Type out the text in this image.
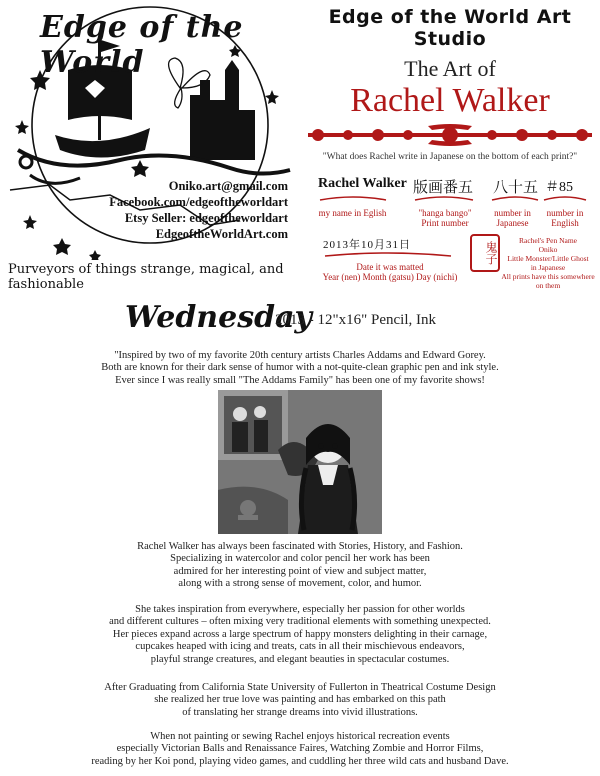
Edge of the World
Oniko.art@gmail.com
Facebook.com/edgeoftheworldart
Etsy Seller: edgeoftheworldart
EdgeoftheWorldArt.com
Purveyors of things strange, magical, and fashionable
Edge of the World Art Studio
The Art of
Rachel Walker
"What does Rachel write in Japanese on the bottom of each print?"
Rachel Walker
my name in Eglish
版画番五
"hanga bango"
Print number
八十五
number in
Japanese
＃85
number in
English
2013年10月31日
Date it was matted
Year (nen) Month (gatsu) Day (nichi)
鬼子
Rachel's Pen Name
Oniko
Little Monster/Little Ghost
in Japanese
All prints have this somewhere on them
Wednesday
2013 - 12"x16" Pencil, Ink
"Inspired by two of my favorite 20th century artists Charles Addams and Edward Gorey.
Both are known for their dark sense of humor with a not-quite-clean graphic pen and ink style.
Ever since I was really small "The Addams Family" has been one of my favorite shows!
Rachel Walker has always been fascinated with Stories, History, and Fashion.
Specializing in watercolor and color pencil her work has been
admired for her interesting point of view and subject matter,
along with a strong sense of movement, color, and humor.
She takes inspiration from everywhere, especially her passion for other worlds
and different cultures – often mixing very traditional elements with something unexpected.
Her pieces expand across a large spectrum of happy monsters delighting in their carnage,
cupcakes heaped with icing and treats, cats in all their mischievous endeavors,
playful strange creatures, and elegant beauties in spectacular costumes.
After Graduating from California State University of Fullerton in Theatrical Costume Design
she realized her true love was painting and has embarked on this path
of translating her strange dreams into vivid illustrations.
When not painting or sewing Rachel enjoys historical recreation events
especially Victorian Balls and Renaissance Faires, Watching Zombie and Horror Films,
reading by her Koi pond, playing video games, and cuddling her three wild cats and husband Dave.
